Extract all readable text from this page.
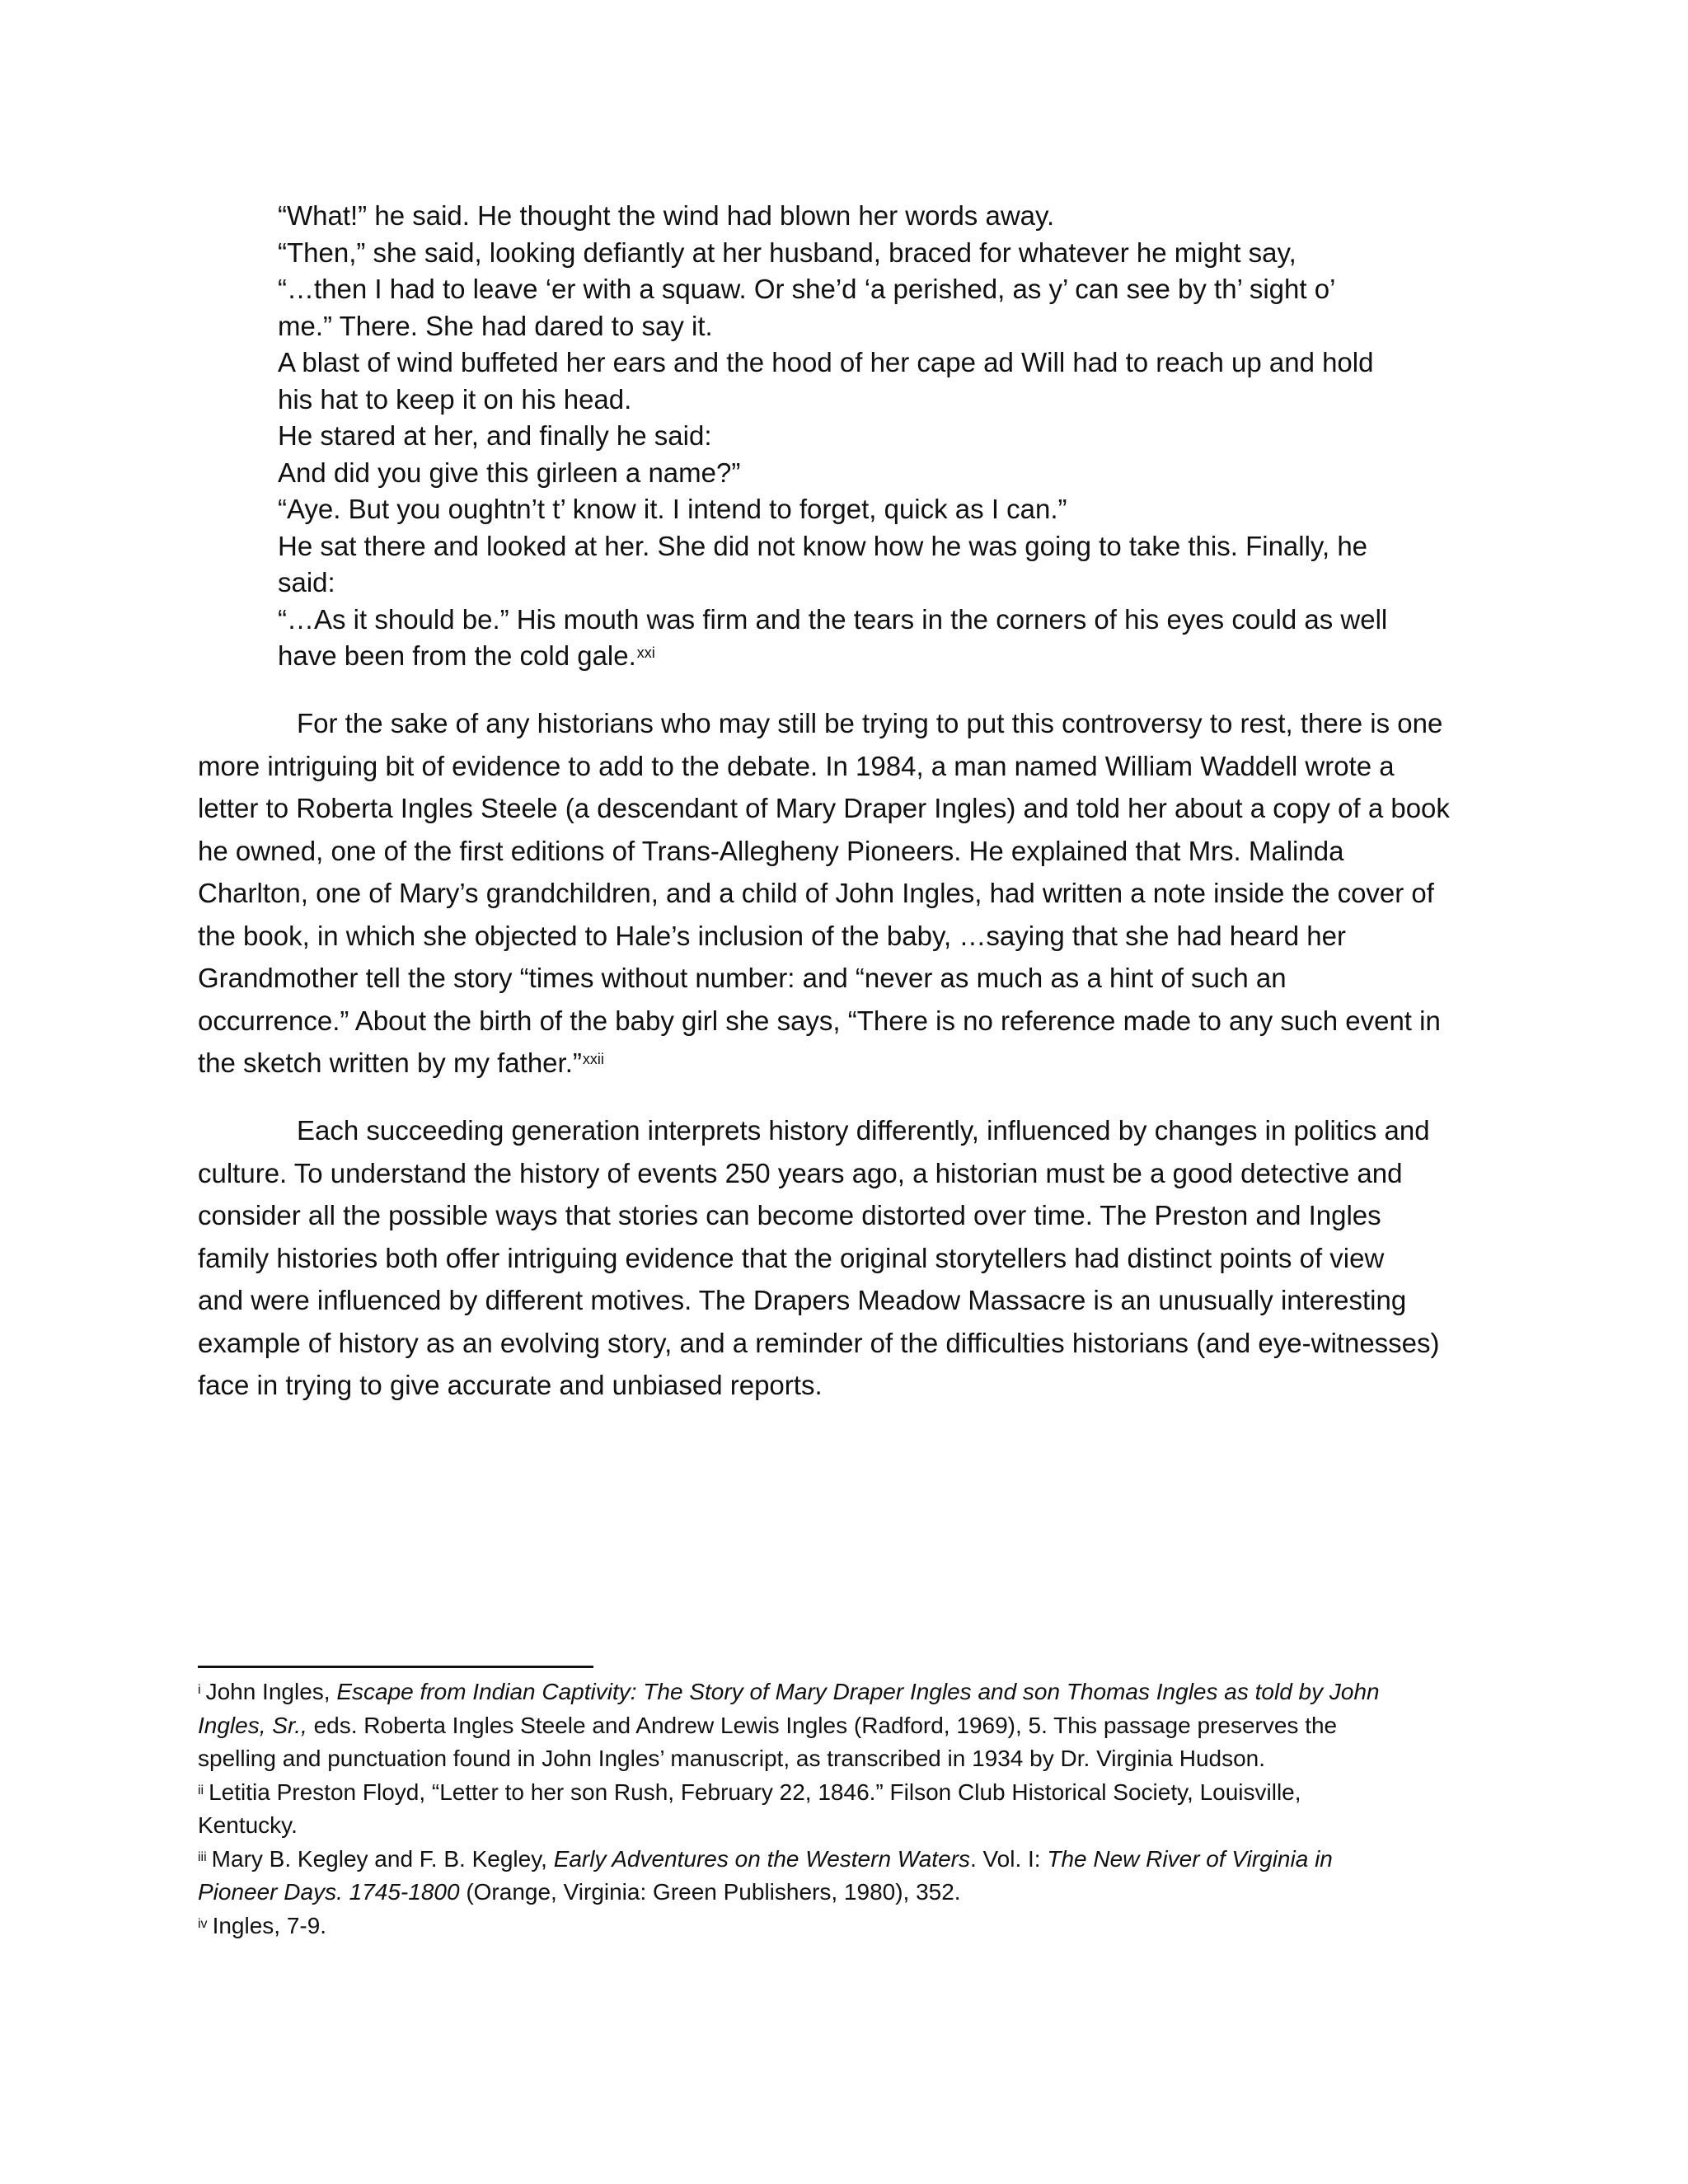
“What!” he said. He thought the wind had blown her words away.
“Then,” she said, looking defiantly at her husband, braced for whatever he might say,
“…then I had to leave ‘er with a squaw. Or she’d ‘a perished, as y’ can see by th’ sight o’
me.” There. She had dared to say it.
A blast of wind buffeted her ears and the hood of her cape ad Will had to reach up and hold
his hat to keep it on his head.
He stared at her, and finally he said:
And did you give this girleen a name?”
“Aye. But you oughtn’t t’ know it. I intend to forget, quick as I can.”
He sat there and looked at her. She did not know how he was going to take this. Finally, he
said:
“…As it should be.” His mouth was firm and the tears in the corners of his eyes could as well
have been from the cold gale.$^{xxi}$
For the sake of any historians who may still be trying to put this controversy to rest, there is one
more intriguing bit of evidence to add to the debate. In 1984, a man named William Waddell wrote a
letter to Roberta Ingles Steele (a descendant of Mary Draper Ingles) and told her about a copy of a book
he owned, one of the first editions of Trans-Allegheny Pioneers. He explained that Mrs. Malinda
Charlton, one of Mary’s grandchildren, and a child of John Ingles, had written a note inside the cover of
the book, in which she objected to Hale’s inclusion of the baby, …saying that she had heard her
Grandmother tell the story “times without number: and “never as much as a hint of such an
occurrence.” About the birth of the baby girl she says, “There is no reference made to any such event in
the sketch written by my father.”$^{xxii}$
Each succeeding generation interprets history differently, influenced by changes in politics and
culture. To understand the history of events 250 years ago, a historian must be a good detective and
consider all the possible ways that stories can become distorted over time. The Preston and Ingles
family histories both offer intriguing evidence that the original storytellers had distinct points of view
and were influenced by different motives. The Drapers Meadow Massacre is an unusually interesting
example of history as an evolving story, and a reminder of the difficulties historians (and eye-witnesses)
face in trying to give accurate and unbiased reports.
$^i$ John Ingles, Escape from Indian Captivity: The Story of Mary Draper Ingles and son Thomas Ingles as told by John
Ingles, Sr., eds. Roberta Ingles Steele and Andrew Lewis Ingles (Radford, 1969), 5. This passage preserves the
spelling and punctuation found in John Ingles’ manuscript, as transcribed in 1934 by Dr. Virginia Hudson.
$^{ii}$ Letitia Preston Floyd, “Letter to her son Rush, February 22, 1846.” Filson Club Historical Society, Louisville,
Kentucky.
$^{iii}$ Mary B. Kegley and F. B. Kegley, Early Adventures on the Western Waters. Vol. I: The New River of Virginia in
Pioneer Days. 1745-1800 (Orange, Virginia: Green Publishers, 1980), 352.
$^{iv}$ Ingles, 7-9.
